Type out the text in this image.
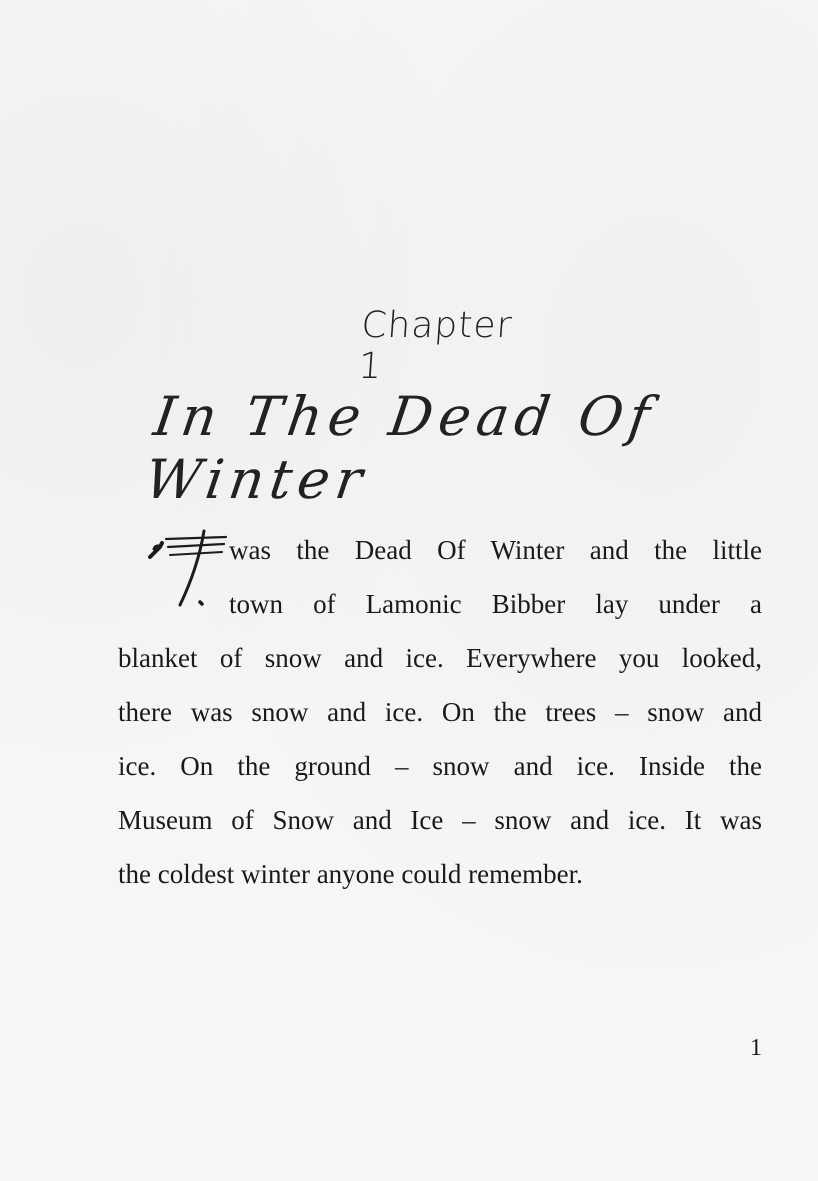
Chapter 1
In The Dead Of Winter
was the Dead Of Winter and the little
town of Lamonic Bibber lay under a
blanket of snow and ice. Everywhere you looked,
there was snow and ice. On the trees – snow and
ice. On the ground – snow and ice. Inside the
Museum of Snow and Ice – snow and ice. It was
the coldest winter anyone could remember.
1
